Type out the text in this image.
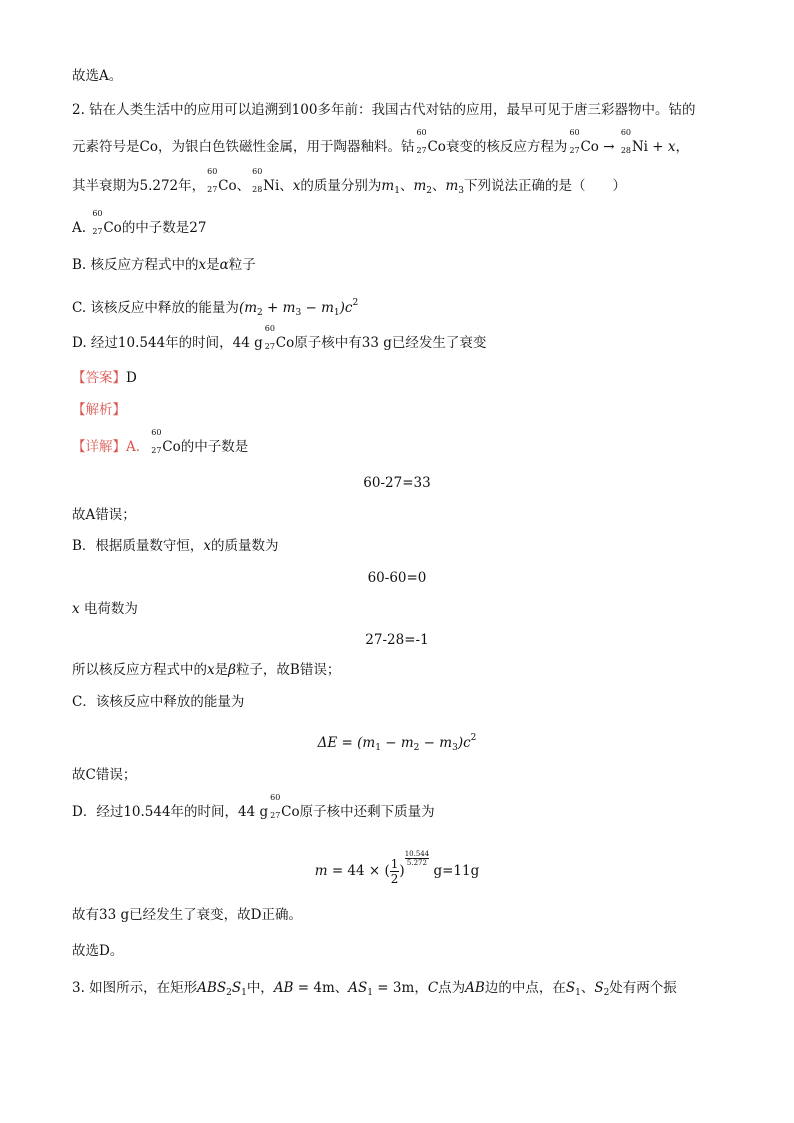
故选A。
2. 钴在人类生活中的应用可以追溯到100多年前：我国古代对钴的应用，最早可见于唐三彩器物中。钴的
元素符号是Co，为银白色铁磁性金属，用于陶器釉料。钴
60
27 Co衰变的核反应方程为
60
27 Co →
60
28 Ni + x，
其半衰期为5.272年，
60
27 Co、
60
28 Ni、x的质量分别为$m_1$、$m_2$、$m_3$下列说法正确的是（　　）
A.
60
27 Co的中子数是27
B. 核反应方程式中的x是α粒子
C. 该核反应中释放的能量为$(m_2 + m_3 - m_1)c^2$
D. 经过10.544年的时间，44 g
60
27 Co原子核中有33 g已经发生了衰变
【答案】D
【解析】
【详解】A．
60
27 Co的中子数是
60-27=33
故A错误；
B．根据质量数守恒，x的质量数为
60-60=0
x 电荷数为
27-28=-1
所以核反应方程式中的x是β粒子，故B错误；
C．该核反应中释放的能量为
$\Delta E = (m_1 - m_2 - m_3)c^2$
故C错误；
D．经过10.544年的时间，44 g
60
27 Co原子核中还剩下质量为
m = 44 × ( $\frac{1}{2}$ )
$\frac{10.544}{5.272}$
g=11g
故有33 g已经发生了衰变，故D正确。
故选D。
3. 如图所示，在矩形$ABS_2S_1$中，AB = 4m、$AS_1 = 3m$，C点为AB边的中点，在$S_1$、$S_2$处有两个振
